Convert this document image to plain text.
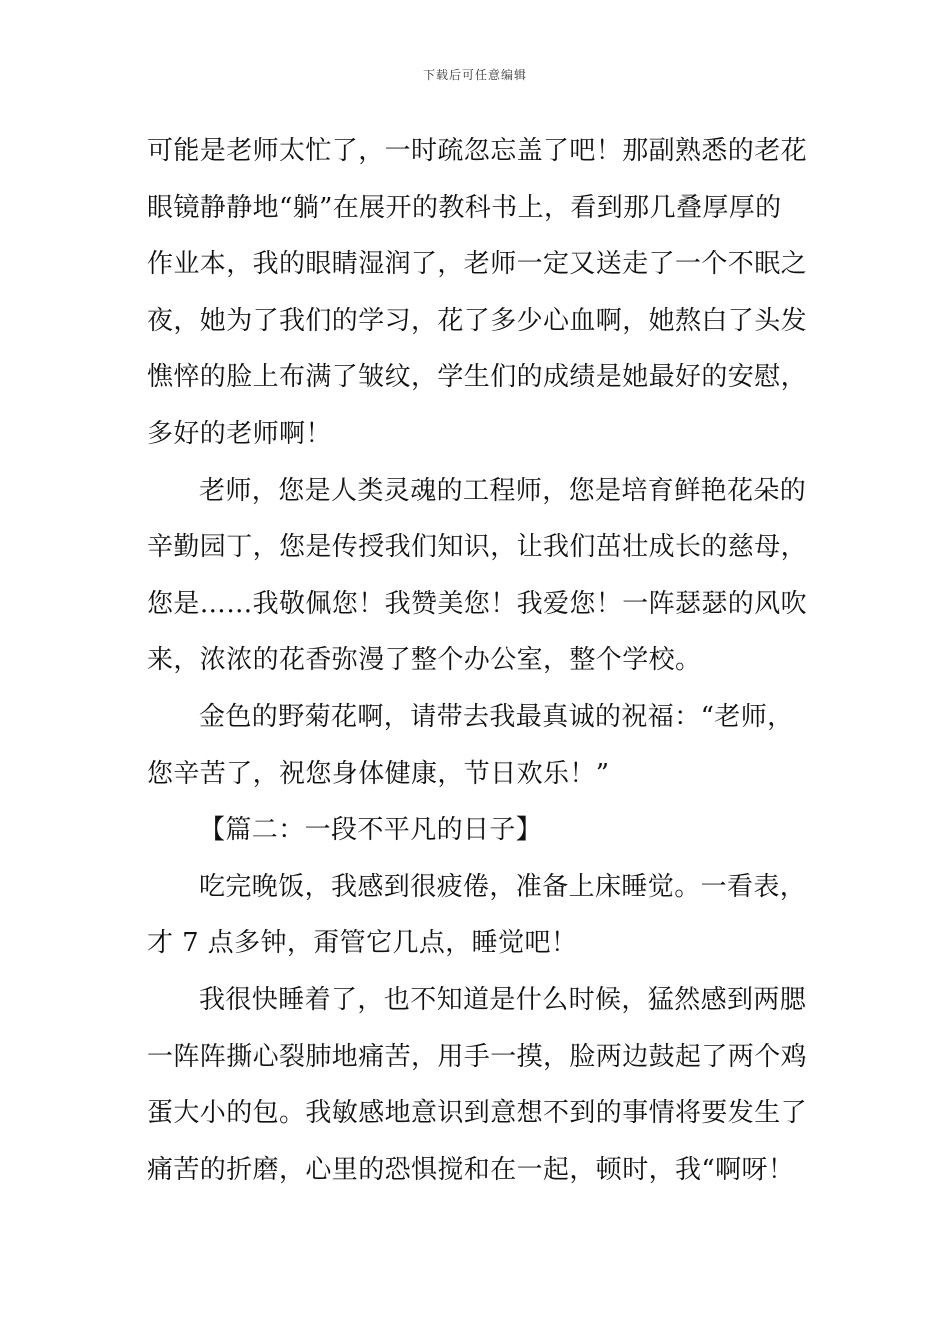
下载后可任意编辑
可能是老师太忙了，一时疏忽忘盖了吧！那副熟悉的老花
眼镜静静地“躺”在展开的教科书上，看到那几叠厚厚的
作业本，我的眼睛湿润了，老师一定又送走了一个不眠之
夜，她为了我们的学习，花了多少心血啊，她熬白了头发
憔悴的脸上布满了皱纹，学生们的成绩是她最好的安慰，
多好的老师啊！
老师，您是人类灵魂的工程师，您是培育鲜艳花朵的
辛勤园丁，您是传授我们知识，让我们茁壮成长的慈母，
您是……我敬佩您！我赞美您！我爱您！一阵瑟瑟的风吹
来，浓浓的花香弥漫了整个办公室，整个学校。
金色的野菊花啊，请带去我最真诚的祝福：“老师，
您辛苦了，祝您身体健康，节日欢乐！”
【篇二：一段不平凡的日子】
吃完晚饭，我感到很疲倦，准备上床睡觉。一看表，
才 7 点多钟，甭管它几点，睡觉吧！
我很快睡着了，也不知道是什么时候，猛然感到两腮
一阵阵撕心裂肺地痛苦，用手一摸，脸两边鼓起了两个鸡
蛋大小的包。我敏感地意识到意想不到的事情将要发生了
痛苦的折磨，心里的恐惧搅和在一起，顿时，我“啊呀！
